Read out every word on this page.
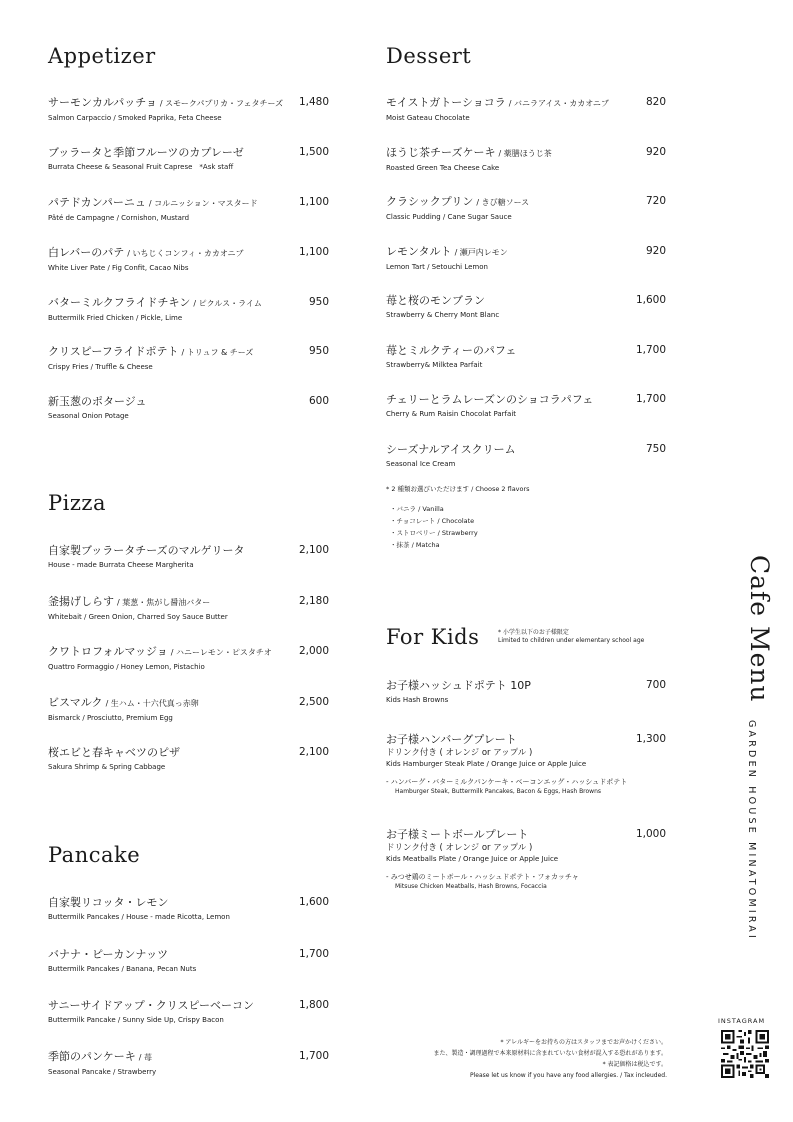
Appetizer
サーモンカルパッチョ / スモークパプリカ・フェタチーズ
Salmon Carpaccio / Smoked Paprika, Feta Cheese
1,480
ブッラータと季節フルーツのカプレーゼ
Burrata Cheese & Seasonal Fruit Caprese　*Ask staff
1,500
パテドカンパーニュ / コルニッション・マスタード
Pâté de Campagne / Cornishon, Mustard
1,100
白レバーのパテ / いちじくコンフィ・カカオニブ
White Liver Pate / Fig Confit, Cacao Nibs
1,100
バターミルクフライドチキン / ピクルス・ライム
Buttermilk Fried Chicken / Pickle, Lime
950
クリスピーフライドポテト / トリュフ & チーズ
Crispy Fries / Truffle & Cheese
950
新玉葱のポタージュ
Seasonal Onion Potage
600
Pizza
自家製ブッラータチーズのマルゲリータ
House - made Burrata Cheese Margherita
2,100
釜揚げしらす / 葉葱・焦がし醤油バター
Whitebait / Green Onion, Charred Soy Sauce Butter
2,180
クワトロフォルマッジョ / ハニーレモン・ピスタチオ
Quattro Formaggio / Honey Lemon, Pistachio
2,000
ビスマルク / 生ハム・十六代真っ赤卵
Bismarck / Prosciutto, Premium Egg
2,500
桜エビと春キャベツのピザ
Sakura Shrimp & Spring Cabbage
2,100
Pancake
自家製リコッタ・レモン
Buttermilk Pancakes / House - made Ricotta, Lemon
1,600
バナナ・ピーカンナッツ
Buttermilk Pancakes / Banana, Pecan Nuts
1,700
サニーサイドアップ・クリスピーベーコン
Buttermilk Pancake / Sunny Side Up, Crispy Bacon
1,800
季節のパンケーキ / 苺
Seasonal Pancake / Strawberry
1,700
Dessert
モイストガトーショコラ / バニラアイス・カカオニブ
Moist Gateau Chocolate
820
ほうじ茶チーズケーキ / 薬膳ほうじ茶
Roasted Green Tea Cheese Cake
920
クラシックプリン / きび糖ソース
Classic Pudding / Cane Sugar Sauce
720
レモンタルト / 瀬戸内レモン
Lemon Tart / Setouchi Lemon
920
苺と桜のモンブラン
Strawberry & Cherry Mont Blanc
1,600
苺とミルクティーのパフェ
Strawberry& Milktea Parfait
1,700
チェリーとラムレーズンのショコラパフェ
Cherry & Rum Raisin Chocolat Parfait
1,700
シーズナルアイスクリーム
Seasonal Ice Cream
750
* 2 種類お選びいただけます / Choose 2 flavors
・バニラ / Vanilla
・チョコレート / Chocolate
・ストロベリー / Strawberry
・抹茶 / Matcha
For Kids	* 小学生以下のお子様限定
Limited to children under elementary school age
お子様ハッシュドポテト 10P
Kids Hash Browns
700
お子様ハンバーグプレート
ドリンク付き ( オレンジ or アップル )
Kids Hamburger Steak Plate / Orange Juice or Apple Juice
- ハンバーグ・バターミルクパンケーキ・ベーコンエッグ・ハッシュドポテト
Hamburger Steak, Buttermilk Pancakes, Bacon & Eggs, Hash Browns
1,300
お子様ミートボールプレート
ドリンク付き ( オレンジ or アップル )
Kids Meatballs Plate / Orange Juice or Apple Juice
- みつせ鶏のミートボール・ハッシュドポテト・フォカッチャ
Mitsuse Chicken Meatballs, Hash Browns, Focaccia
1,000
Cafe Menu
GARDEN HOUSE MINATOMIRAI
INSTAGRAM
* アレルギーをお持ちの方はスタッフまでお声かけください。
また、製造・調理過程で本来原材料に含まれていない食材が混入する恐れがあります。
* 表記価格は税込です。
Please let us know if you have any food allergies. / Tax incleuded.
